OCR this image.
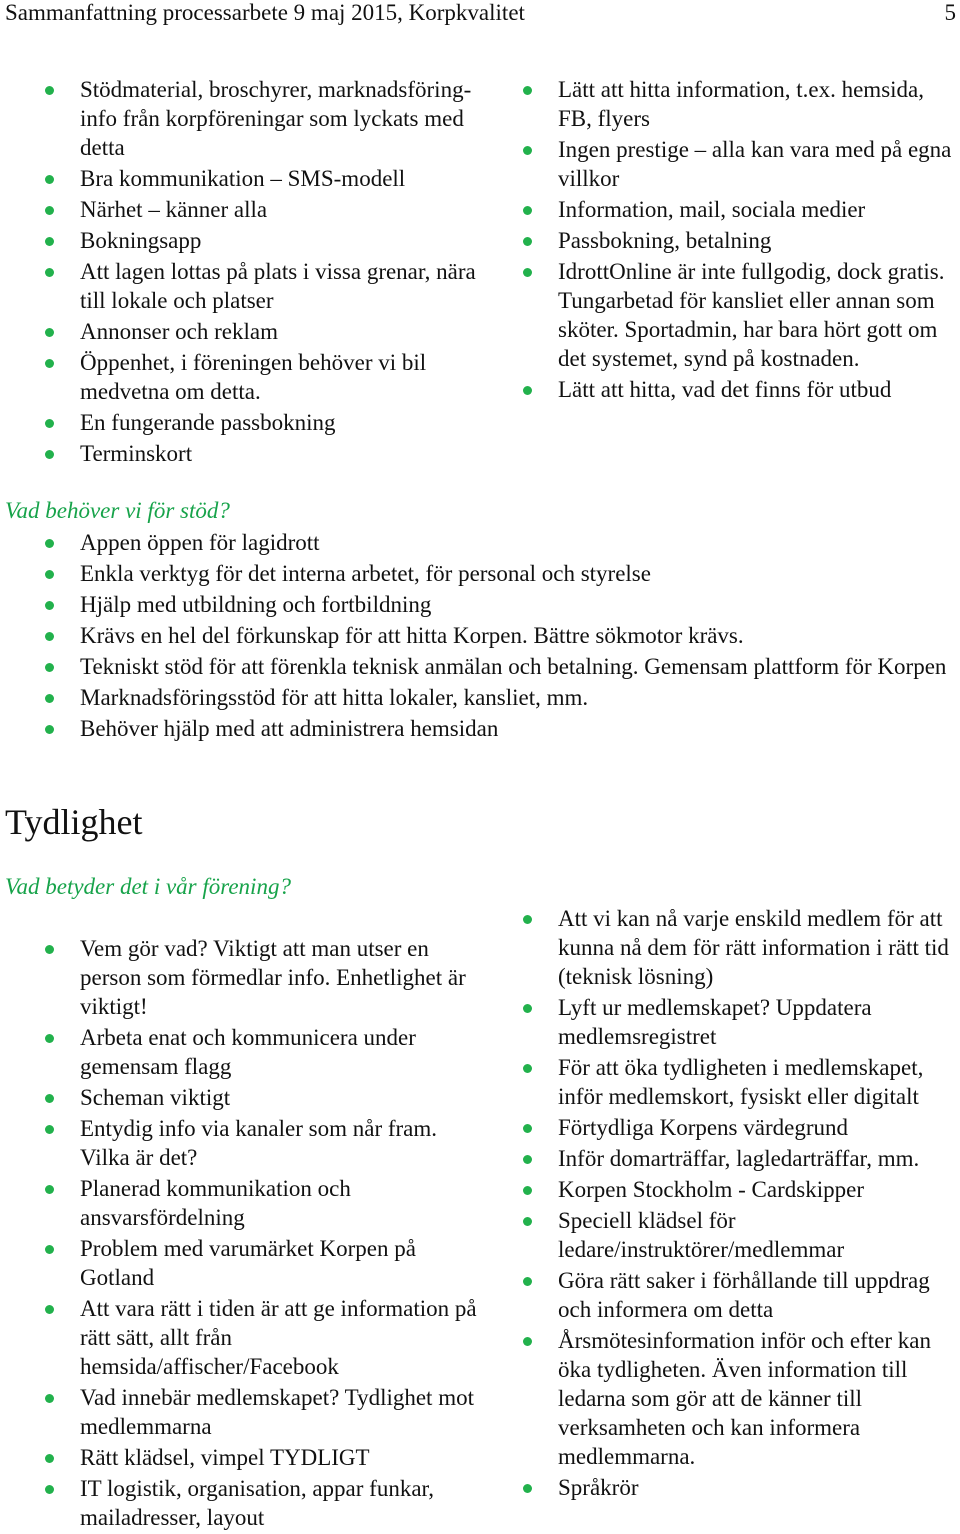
Sammanfattning processarbete 9 maj 2015, Korpkvalitet	5
Stödmaterial, broschyrer, marknadsföring- info från korpföreningar som lyckats med detta
Bra kommunikation – SMS-modell
Närhet – känner alla
Bokningsapp
Att lagen lottas på plats i vissa grenar, nära till lokale och platser
Annonser och reklam
Öppenhet, i föreningen behöver vi bil medvetna om detta.
En fungerande passbokning
Terminskort
Lätt att hitta information, t.ex. hemsida, FB, flyers
Ingen prestige – alla kan vara med på egna villkor
Information, mail, sociala medier
Passbokning, betalning
IdrottOnline är inte fullgodig, dock gratis. Tungarbetad för kansliet eller annan som sköter. Sportadmin, har bara hört gott om det systemet, synd på kostnaden.
Lätt att hitta, vad det finns för utbud
Vad behöver vi för stöd?
Appen öppen för lagidrott
Enkla verktyg för det interna arbetet, för personal och styrelse
Hjälp med utbildning och fortbildning
Krävs en hel del förkunskap för att hitta Korpen. Bättre sökmotor krävs.
Tekniskt stöd för att förenkla teknisk anmälan och betalning. Gemensam plattform för Korpen
Marknadsföringsstöd för att hitta lokaler, kansliet, mm.
Behöver hjälp med att administrera hemsidan
Tydlighet
Vad betyder det i vår förening?
Vem gör vad? Viktigt att man utser en person som förmedlar info. Enhetlighet är viktigt!
Arbeta enat och kommunicera under gemensam flagg
Scheman viktigt
Entydig info via kanaler som når fram. Vilka är det?
Planerad kommunikation och ansvarsfördelning
Problem med varumärket Korpen på Gotland
Att vara rätt i tiden är att ge information på rätt sätt, allt från hemsida/affischer/Facebook
Vad innebär medlemskapet? Tydlighet mot medlemmarna
Rätt klädsel, vimpel TYDLIGT
IT logistik, organisation, appar funkar, mailadresser, layout
Att vi kan nå varje enskild medlem för att kunna nå dem för rätt information i rätt tid (teknisk lösning)
Lyft ur medlemskapet? Uppdatera medlemsregistret
För att öka tydligheten i medlemskapet, inför medlemskort, fysiskt eller digitalt
Förtydliga Korpens värdegrund
Inför domarträffar, lagledarträffar, mm.
Korpen Stockholm - Cardskipper
Speciell klädsel för ledare/instruktörer/medlemmar
Göra rätt saker i förhållande till uppdrag och informera om detta
Årsmötesinformation inför och efter kan öka tydligheten. Även information till ledarna som gör att de känner till verksamheten och kan informera medlemmarna.
Språkrör
